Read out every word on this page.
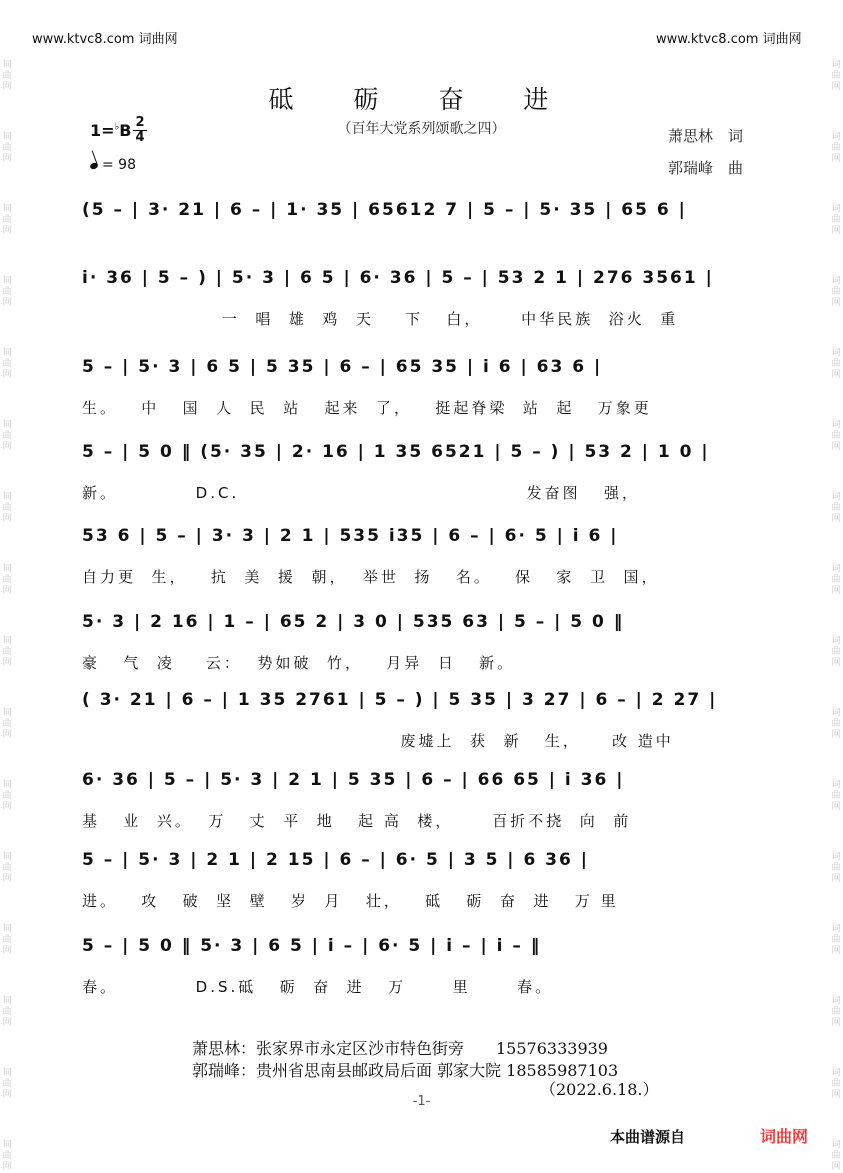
词
曲
网
词
曲
网
词
曲
网
词
曲
网
词
曲
网
词
曲
网
词
曲
网
词
曲
网
词
曲
网
词
曲
网
词
曲
网
词
曲
网
词
曲
网
词
曲
网
词
曲
网
词
曲
网
词
曲
网
词
曲
网
词
曲
网
词
曲
网
词
曲
网
词
曲
网
词
曲
网
词
曲
网
词
曲
网
词
曲
网
词
曲
网
词
曲
网
词
曲
网
词
曲
网
词
曲
网
词
曲
网
www.ktvc8.com 词曲网	www.ktvc8.com 词曲网
砥 砺 奋 进
（百年大党系列颂歌之四）
1=♭B 2
4
= 98
萧思林　词
郭瑞峰　曲
(5 – | 3· 21 | 6 – | 1· 35 | 65612 7 | 5 – | 5· 35 | 65 6 |
i· 36 | 5 – ) | 5· 3 | 6 5 | 6· 36 | 5 – | 53 2 1 | 276 3561 |
一  唱  雄  鸡  天    下   白，     中华民族  浴火  重
5 – | 5· 3 | 6 5 | 5 35 | 6 – | 65 35 | i 6 | 63 6 |
生。   中   国  人  民  站   起来  了，   挺起脊梁  站  起   万象更
5 – | 5 0 ‖ (5· 35 | 2· 16 | 1 35 6521 | 5 – ) | 53 2 | 1 0 |
新。          D.C.                                     发奋图   强，
53 6 | 5 – | 3· 3 | 2 1 | 535 i35 | 6 – | 6· 5 | i 6 |
自力更  生，   抗  美  援  朝，  举世  扬   名。   保   家  卫  国，
5· 3 | 2 16 | 1 – | 65 2 | 3 0 | 535 63 | 5 – | 5 0 ‖
豪   气  凌    云：  势如破  竹，   月异  日   新。
( 3· 21 | 6 – | 1 35 2761 | 5 – ) | 5 35 | 3 27 | 6 – | 2 27 |
废墟上  获  新   生，    改 造中
6· 36 | 5 – | 5· 3 | 2 1 | 5 35 | 6 – | 66 65 | i 36 |
基   业  兴。  万   丈  平  地   起 高  楼，     百折不挠  向  前
5 – | 5· 3 | 2 1 | 2 15 | 6 – | 6· 5 | 3 5 | 6 36 |
进。   攻   破  坚  壁   岁  月   壮，   砥   砺  奋  进   万 里
5 – | 5 0 ‖ 5· 3 | 6 5 | i – | 6· 5 | i – | i – ‖
春。          D.S.砥   砺  奋  进   万      里      春。
萧思林：张家界市永定区沙市特色街旁　　15576333939
郭瑞峰：贵州省思南县邮政局后面 郭家大院 18585987103
（2022.6.18.）
-1-
本曲谱源自	词曲网
